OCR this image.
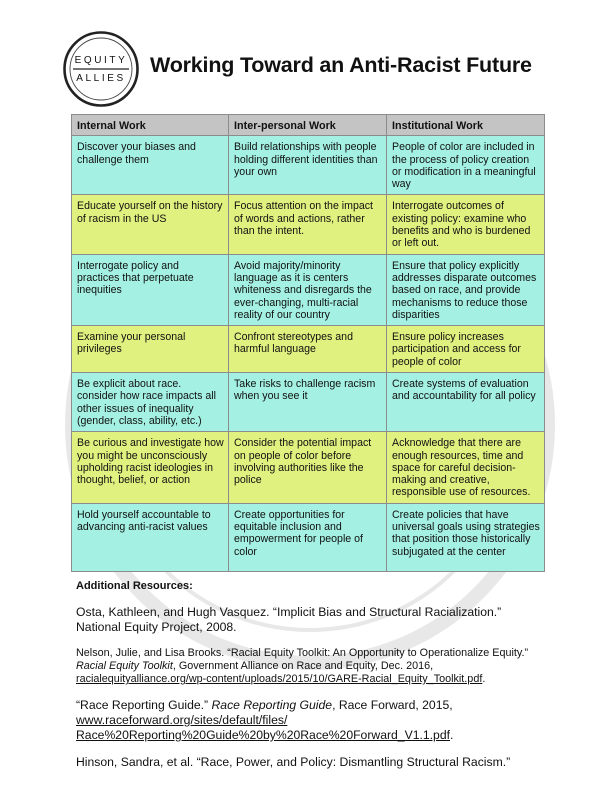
EQUITY
ALLIES
Working Toward an Anti-Racist Future
Internal Work	Inter-personal Work	Institutional Work
Discover your biases and challenge them	Build relationships with people holding different identities than your own	People of color are included in the process of policy creation or modification in a meaningful way
Educate yourself on the history of racism in the US	Focus attention on the impact of words and actions, rather than the intent.	Interrogate outcomes of existing policy: examine who benefits and who is burdened or left out.
Interrogate policy and practices that perpetuate inequities	Avoid majority/minority language as it is centers whiteness and disregards the ever-changing, multi-racial reality of our country	Ensure that policy explicitly addresses disparate outcomes based on race, and provide mechanisms to reduce those disparities
Examine your personal privileges	Confront stereotypes and harmful language	Ensure policy increases participation and access for people of color
Be explicit about race. consider how race impacts all other issues of inequality (gender, class, ability, etc.)	Take risks to challenge racism when you see it	Create systems of evaluation and accountability for all policy
Be curious and investigate how you might be unconsciously upholding racist ideologies in thought, belief, or action	Consider the potential impact on people of color before involving authorities like the police	Acknowledge that there are enough resources, time and space for careful decision-making and creative, responsible use of resources.
Hold yourself accountable to advancing anti-racist values	Create opportunities for equitable inclusion and empowerment for people of color	Create policies that have universal goals using strategies that position those historically subjugated at the center
Additional Resources:
Osta, Kathleen, and Hugh Vasquez. “Implicit Bias and Structural Racialization.” National Equity Project, 2008.
Nelson, Julie, and Lisa Brooks. “Racial Equity Toolkit: An Opportunity to Operationalize Equity.” Racial Equity Toolkit, Government Alliance on Race and Equity, Dec. 2016, racialequityalliance.org/wp-content/uploads/2015/10/GARE-Racial_Equity_Toolkit.pdf.
“Race Reporting Guide.” Race Reporting Guide, Race Forward, 2015, www.raceforward.org/sites/default/files/ Race%20Reporting%20Guide%20by%20Race%20Forward_V1.1.pdf.
Hinson, Sandra, et al. “Race, Power, and Policy: Dismantling Structural Racism.”
